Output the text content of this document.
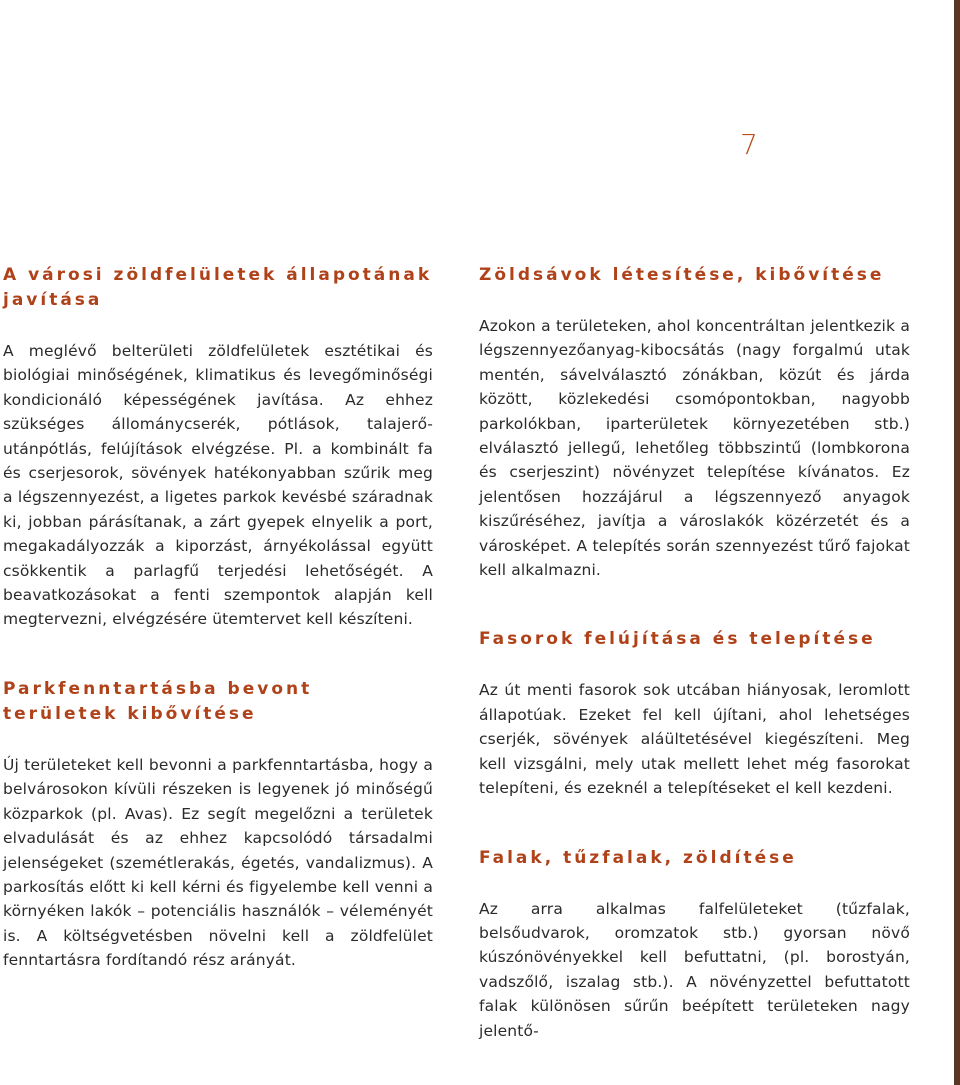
7
A városi zöldfelületek állapotának javítása

A meglévő belterületi zöldfelületek esztétikai és biológiai minőségének, klimatikus és levegőminőségi kondicionáló képességének javítása. Az ehhez szükséges állománycserék, pótlások, talajerő-utánpótlás, felújítások elvégzése. Pl. a kombinált fa és cserjesorok, sövények hatékonyabban szűrik meg a légszennyezést, a ligetes parkok kevésbé száradnak ki, jobban párásítanak, a zárt gyepek elnyelik a port, megakadályozzák a kiporzást, árnyékolással együtt csökkentik a parlagfű terjedési lehetőségét. A beavatkozásokat a fenti szempontok alapján kell megtervezni, elvégzésére ütemtervet kell készíteni.

Parkfenntartásba bevont területek kibővítése

Új területeket kell bevonni a parkfenntartásba, hogy a belvárosokon kívüli részeken is legyenek jó minőségű közparkok (pl. Avas). Ez segít megelőzni a területek elvadulását és az ehhez kapcsolódó társadalmi jelenségeket (szemétlerakás, égetés, vandalizmus). A parkosítás előtt ki kell kérni és figyelembe kell venni a környéken lakók – potenciális használók – véleményét is. A költségvetésben növelni kell a zöldfelület fenntartásra fordítandó rész arányát.

Zöldsávok létesítése, kibővítése

Azokon a területeken, ahol koncentráltan jelentkezik a légszennyezőanyag-kibocsátás (nagy forgalmú utak mentén, sávelválasztó zónákban, közút és járda között, közlekedési csomópontokban, nagyobb parkolókban, iparterületek környezetében stb.) elválasztó jellegű, lehetőleg többszintű (lombkorona és cserjeszint) növényzet telepítése kívánatos. Ez jelentősen hozzájárul a légszennyező anyagok kiszűréséhez, javítja a városlakók közérzetét és a városképet. A telepítés során szennyezést tűrő fajokat kell alkalmazni.

Fasorok felújítása és telepítése

Az út menti fasorok sok utcában hiányosak, leromlott állapotúak. Ezeket fel kell újítani, ahol lehetséges cserjék, sövények aláültetésével kiegészíteni. Meg kell vizsgálni, mely utak mellett lehet még fasorokat telepíteni, és ezeknél a telepítéseket el kell kezdeni.

Falak, tűzfalak, zöldítése

Az arra alkalmas falfelületeket (tűzfalak, belsőudvarok, oromzatok stb.) gyorsan növő kúszónövényekkel kell befuttatni, (pl. borostyán, vadszőlő, iszalag stb.). A növényzettel befuttatott falak különösen sűrűn beépített területeken nagy jelentő-
